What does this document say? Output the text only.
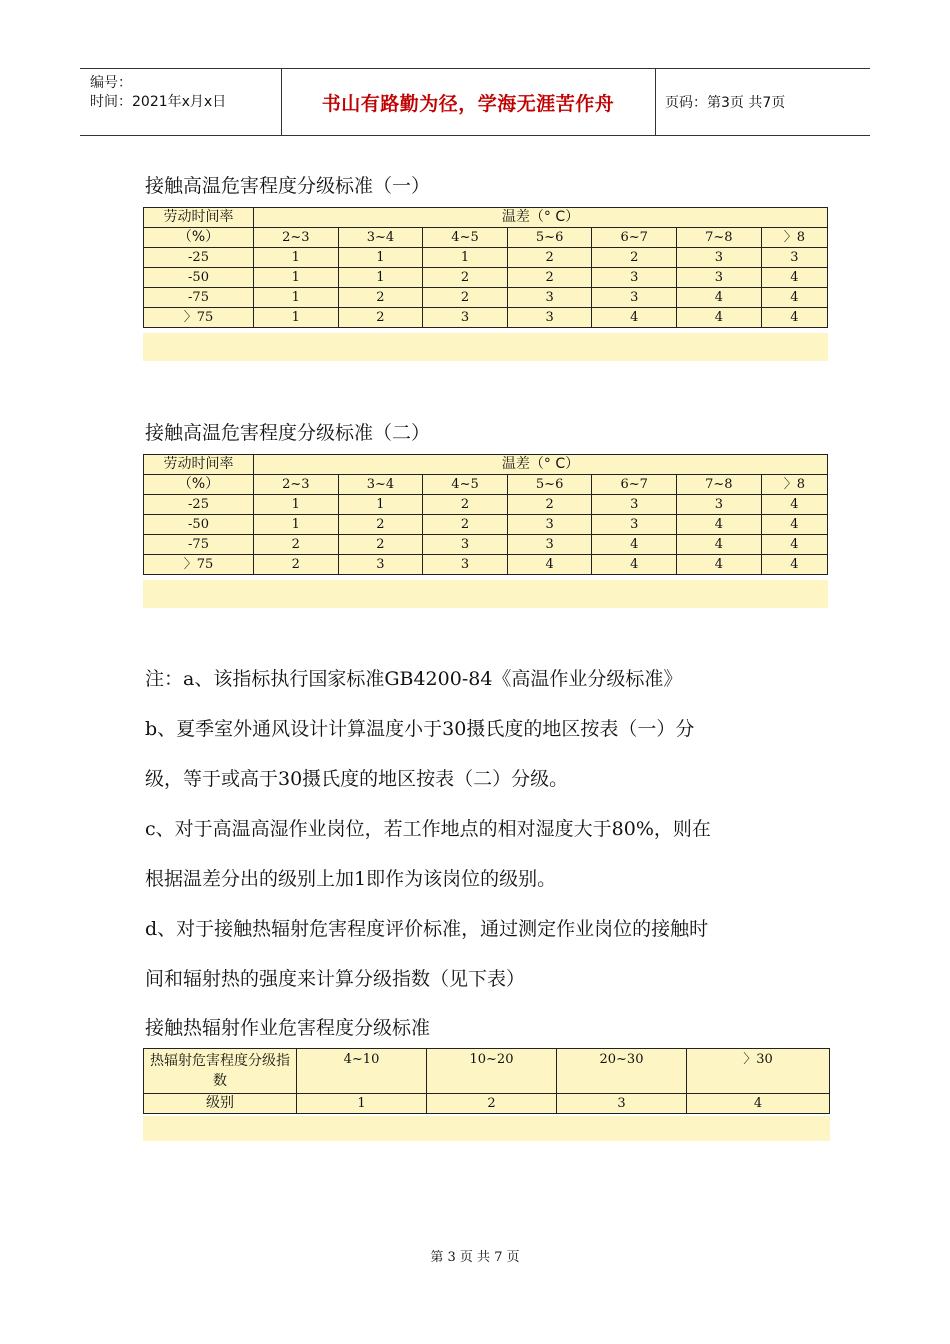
编号：
时间：2021年x月x日	书山有路勤为径，学海无涯苦作舟	页码：第3页 共7页
接触高温危害程度分级标准（一）
劳动时间率	温差（° C）						
（%）	2~3	3~4	4~5	5~6	6~7	7~8	〉8
-25	1	1	1	2	2	3	3
-50	1	1	2	2	3	3	4
-75	1	2	2	3	3	4	4
〉75	1	2	3	3	4	4	4
接触高温危害程度分级标准（二）
劳动时间率	温差（° C）						
（%）	2~3	3~4	4~5	5~6	6~7	7~8	〉8
-25	1	1	2	2	3	3	4
-50	1	2	2	3	3	4	4
-75	2	2	3	3	4	4	4
〉75	2	3	3	4	4	4	4
注：a、该指标执行国家标准GB4200-84《高温作业分级标准》
b、夏季室外通风设计计算温度小于30摄氏度的地区按表（一）分
级，等于或高于30摄氏度的地区按表（二）分级。
c、对于高温高湿作业岗位，若工作地点的相对湿度大于80%，则在
根据温差分出的级别上加1即作为该岗位的级别。
d、对于接触热辐射危害程度评价标准，通过测定作业岗位的接触时
间和辐射热的强度来计算分级指数（见下表）
接触热辐射作业危害程度分级标准
热辐射危害程度分级指数	4~10	10~20	20~30	〉30
级别	1	2	3	4
第 3 页 共 7 页
